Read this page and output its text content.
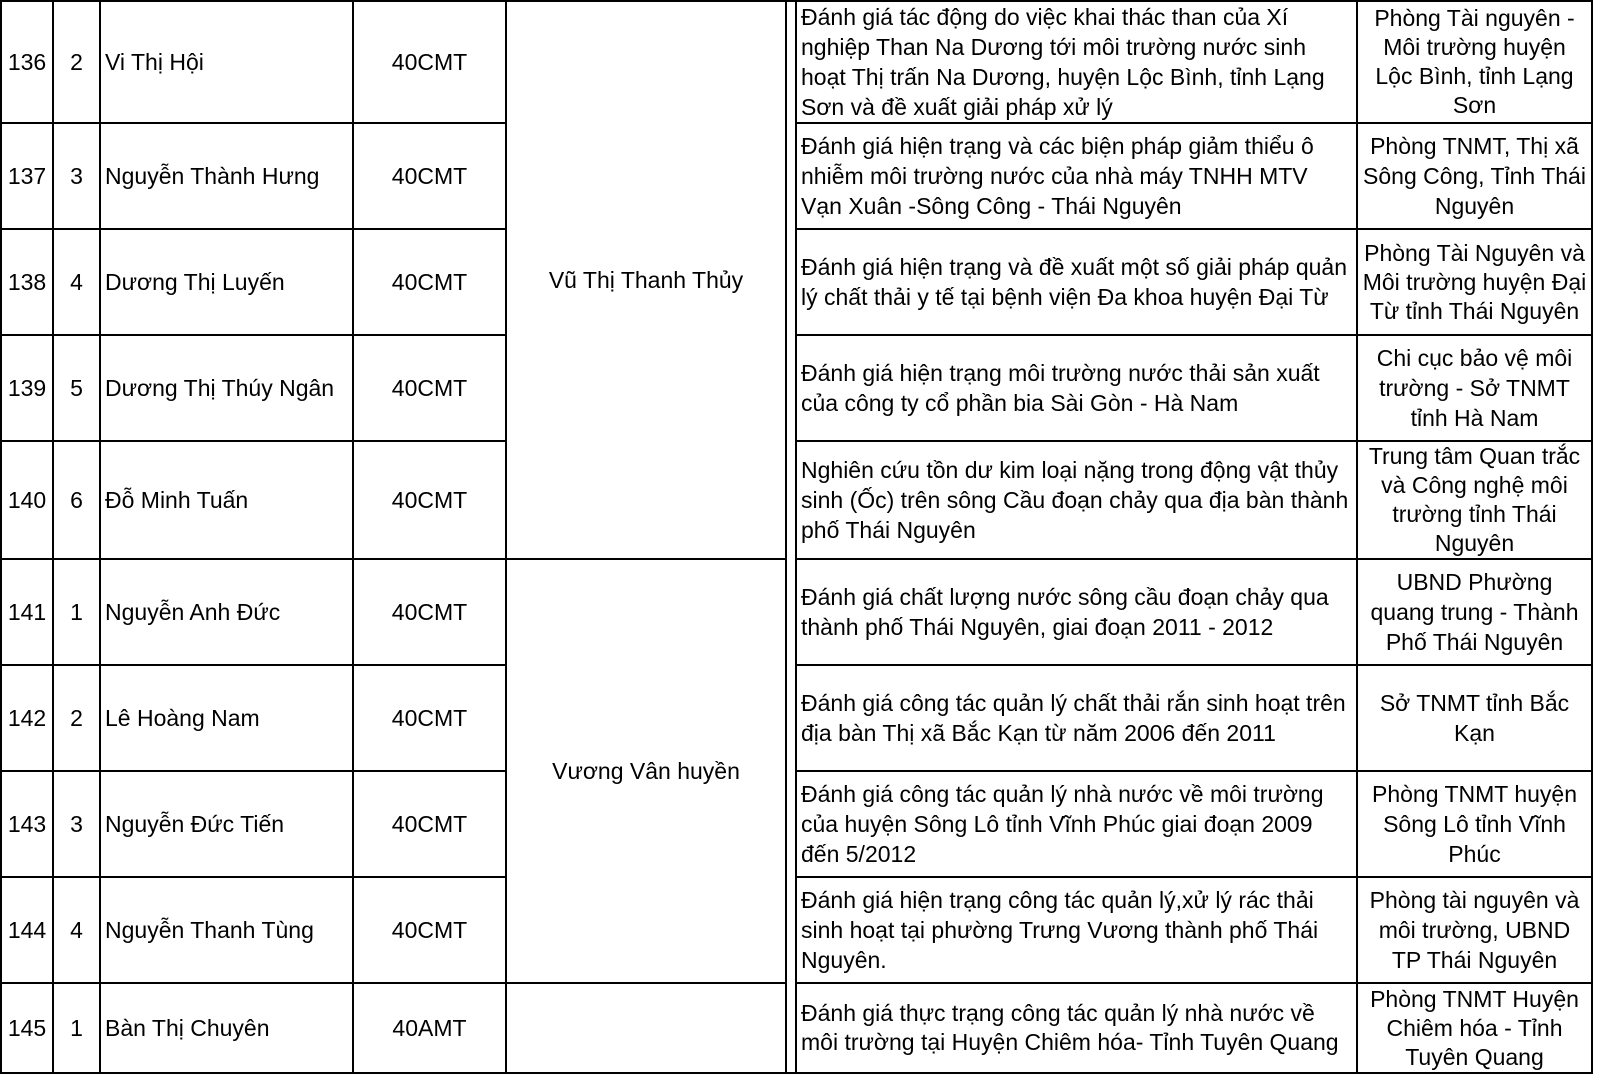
136	2	Vi Thị Hội	40CMT	Vũ Thị Thanh Thủy		Đánh giá tác động do việc khai thác than của Xí nghiệp Than Na Dương tới môi trường nước sinh hoạt Thị trấn Na Dương, huyện Lộc Bình, tỉnh Lạng Sơn và đề xuất giải pháp xử lý	Phòng Tài nguyên - Môi trường huyện Lộc Bình, tỉnh Lạng Sơn
137	3	Nguyễn Thành Hưng	40CMT			Đánh giá hiện trạng và các biện pháp giảm thiểu ô nhiễm môi trường nước của nhà máy TNHH MTV Vạn Xuân -Sông Công - Thái Nguyên	Phòng TNMT, Thị xã Sông Công, Tỉnh Thái Nguyên
138	4	Dương Thị Luyến	40CMT			Đánh giá hiện trạng và đề xuất một số giải pháp quản lý chất thải y tế tại bệnh viện Đa khoa huyện Đại Từ	Phòng Tài Nguyên và Môi trường huyện Đại Từ tỉnh Thái Nguyên
139	5	Dương Thị Thúy Ngân	40CMT			Đánh giá hiện trạng môi trường nước thải sản xuất của công ty cổ phần bia Sài Gòn - Hà Nam	Chi cục bảo vệ môi trường - Sở TNMT tỉnh Hà Nam
140	6	Đỗ Minh Tuấn	40CMT			Nghiên cứu tồn dư kim loại nặng trong động vật thủy sinh (Ốc) trên sông Cầu đoạn chảy qua địa bàn thành phố Thái Nguyên	Trung tâm Quan trắc và Công nghệ môi trường tỉnh Thái Nguyên
141	1	Nguyễn Anh Đức	40CMT	Vương Vân huyền		Đánh giá chất lượng nước sông cầu đoạn chảy qua thành phố Thái Nguyên, giai đoạn 2011 - 2012	UBND Phường quang trung - Thành Phố Thái Nguyên
142	2	Lê Hoàng Nam	40CMT			Đánh giá công tác quản lý chất thải rắn sinh hoạt trên địa bàn Thị xã Bắc Kạn từ năm 2006 đến 2011	Sở TNMT tỉnh Bắc Kạn
143	3	Nguyễn Đức Tiến	40CMT			Đánh giá công tác quản lý nhà nước về môi trường của huyện Sông Lô tỉnh Vĩnh Phúc giai đoạn 2009 đến 5/2012	Phòng TNMT huyện Sông Lô tỉnh Vĩnh Phúc
144	4	Nguyễn Thanh Tùng	40CMT			Đánh giá hiện trạng công tác quản lý,xử lý rác thải sinh hoạt tại phường Trưng Vương thành phố Thái Nguyên.	Phòng tài nguyên và môi trường, UBND TP Thái Nguyên
145	1	Bàn Thị Chuyên	40AMT			Đánh giá thực trạng công tác quản lý nhà nước về môi trường tại Huyện Chiêm hóa- Tỉnh Tuyên Quang	Phòng TNMT Huyện Chiêm hóa - Tỉnh Tuyên Quang
